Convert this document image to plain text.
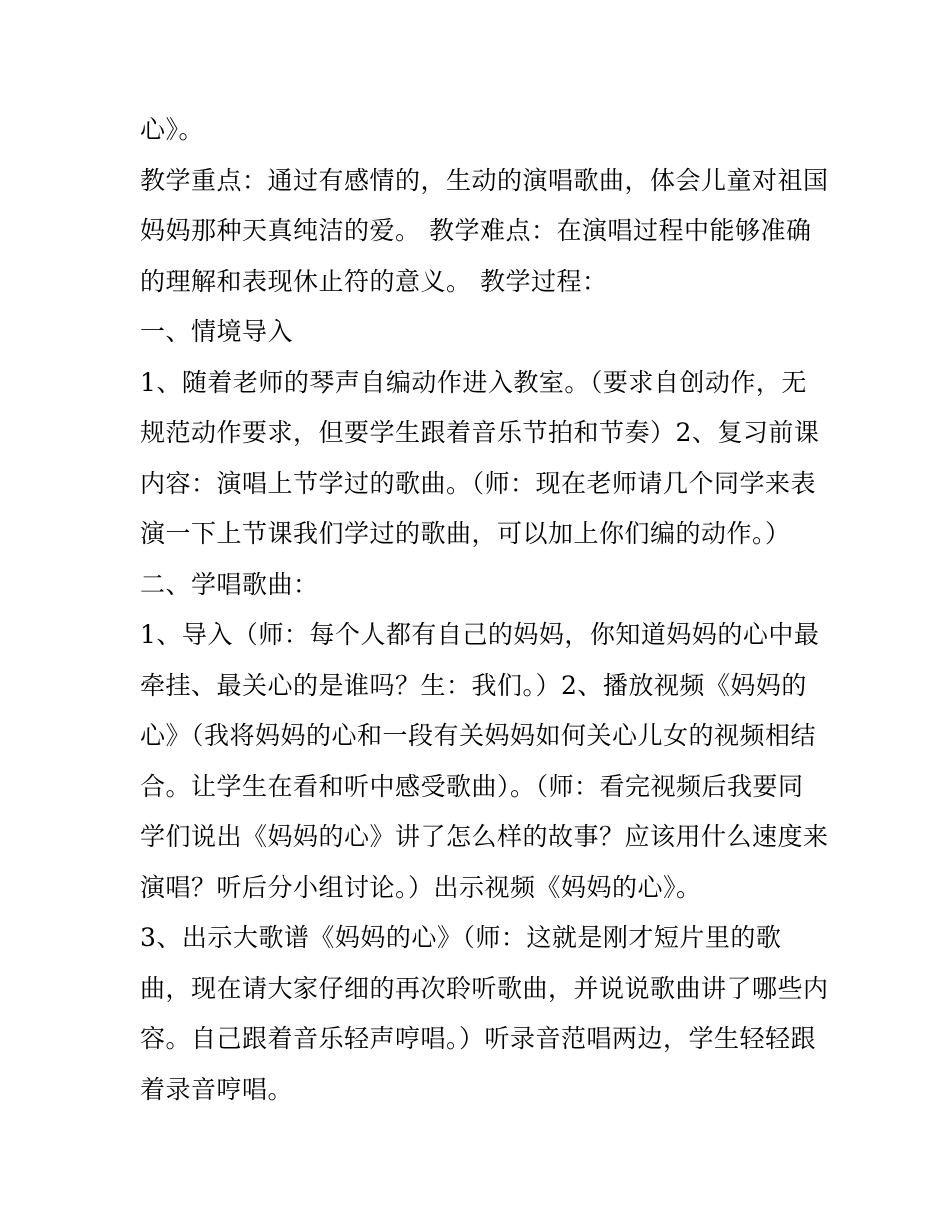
心》。
教学重点：通过有感情的，生动的演唱歌曲，体会儿童对祖国
妈妈那种天真纯洁的爱。 教学难点：在演唱过程中能够准确
的理解和表现休止符的意义。 教学过程：
一、情境导入
1、随着老师的琴声自编动作进入教室。（要求自创动作，无
规范动作要求，但要学生跟着音乐节拍和节奏）2、复习前课
内容：演唱上节学过的歌曲。（师：现在老师请几个同学来表
演一下上节课我们学过的歌曲，可以加上你们编的动作。）
二、学唱歌曲：
1、导入（师：每个人都有自己的妈妈，你知道妈妈的心中最
牵挂、最关心的是谁吗？生：我们。）2、播放视频《妈妈的
心》（我将妈妈的心和一段有关妈妈如何关心儿女的视频相结
合。让学生在看和听中感受歌曲）。（师：看完视频后我要同
学们说出《妈妈的心》讲了怎么样的故事？应该用什么速度来
演唱？听后分小组讨论。）出示视频《妈妈的心》。
3、出示大歌谱《妈妈的心》（师：这就是刚才短片里的歌
曲，现在请大家仔细的再次聆听歌曲，并说说歌曲讲了哪些内
容。自己跟着音乐轻声哼唱。）听录音范唱两边，学生轻轻跟
着录音哼唱。
